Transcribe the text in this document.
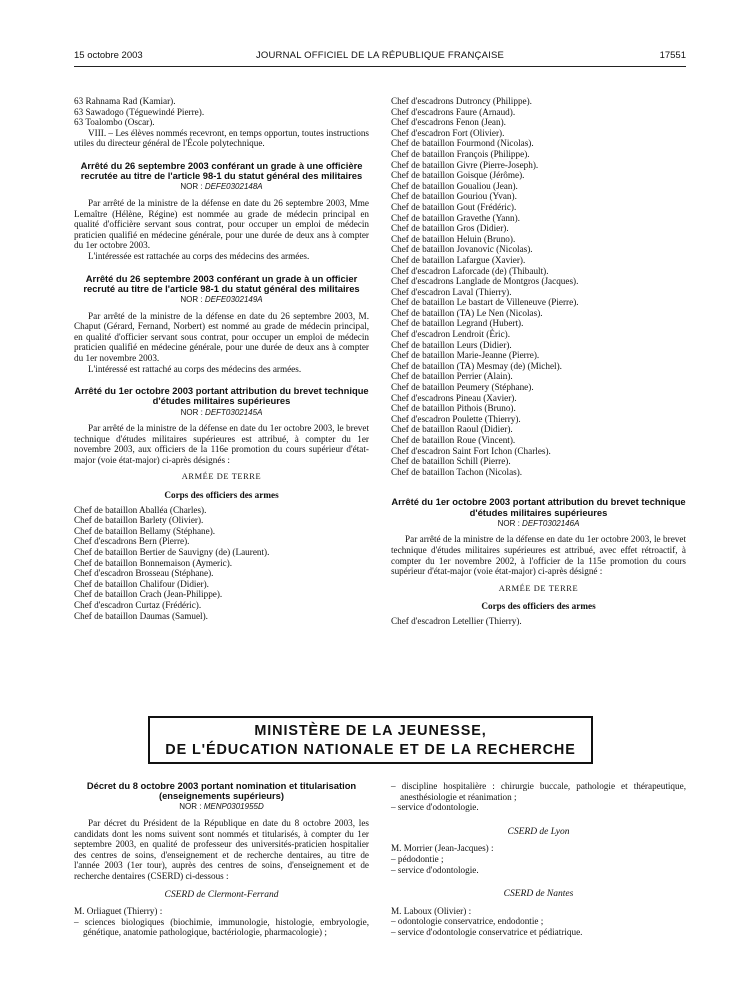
15 octobre 2003	JOURNAL OFFICIEL DE LA RÉPUBLIQUE FRANÇAISE	17551

63 Rahnama Rad (Kamiar).

63 Sawadogo (Téguewindé Pierre).

63 Toalombo (Oscar).

VIII. – Les élèves nommés recevront, en temps opportun, toutes instructions utiles du directeur général de l'École polytechnique.

Arrêté du 26 septembre 2003 conférant un grade à une officière recrutée au titre de l'article 98-1 du statut général des militaires

NOR : DEFE0302148A

Par arrêté de la ministre de la défense en date du 26 septembre 2003, Mme Lemaître (Hélène, Régine) est nommée au grade de médecin principal en qualité d'officière servant sous contrat, pour occuper un emploi de médecin praticien qualifié en médecine générale, pour une durée de deux ans à compter du 1er octobre 2003.

L'intéressée est rattachée au corps des médecins des armées.

Arrêté du 26 septembre 2003 conférant un grade à un officier recruté au titre de l'article 98-1 du statut général des militaires

NOR : DEFE0302149A

Par arrêté de la ministre de la défense en date du 26 septembre 2003, M. Chaput (Gérard, Fernand, Norbert) est nommé au grade de médecin principal, en qualité d'officier servant sous contrat, pour occuper un emploi de médecin praticien qualifié en médecine générale, pour une durée de deux ans à compter du 1er novembre 2003.

L'intéressé est rattaché au corps des médecins des armées.

Arrêté du 1er octobre 2003 portant attribution du brevet technique d'études militaires supérieures

NOR : DEFT0302145A

Par arrêté de la ministre de la défense en date du 1er octobre 2003, le brevet technique d'études militaires supérieures est attribué, à compter du 1er novembre 2003, aux officiers de la 116e promotion du cours supérieur d'état-major (voie état-major) ci-après désignés :

ARMÉE DE TERRE

Corps des officiers des armes

Chef de bataillon Aballéa (Charles).

Chef de bataillon Barlety (Olivier).

Chef de bataillon Bellamy (Stéphane).

Chef d'escadrons Bern (Pierre).

Chef de bataillon Bertier de Sauvigny (de) (Laurent).

Chef de bataillon Bonnemaison (Aymeric).

Chef d'escadron Brosseau (Stéphane).

Chef de bataillon Chalifour (Didier).

Chef de bataillon Crach (Jean-Philippe).

Chef d'escadron Curtaz (Frédéric).

Chef de bataillon Daumas (Samuel).

Chef d'escadrons Dutroncy (Philippe).

Chef d'escadrons Faure (Arnaud).

Chef d'escadrons Fenon (Jean).

Chef d'escadron Fort (Olivier).

Chef de bataillon Fourmond (Nicolas).

Chef de bataillon François (Philippe).

Chef de bataillon Givre (Pierre-Joseph).

Chef de bataillon Goisque (Jérôme).

Chef de bataillon Goualiou (Jean).

Chef de bataillon Gouriou (Yvan).

Chef de bataillon Gout (Frédéric).

Chef de bataillon Gravethe (Yann).

Chef de bataillon Gros (Didier).

Chef de bataillon Heluin (Bruno).

Chef de bataillon Jovanovic (Nicolas).

Chef de bataillon Lafargue (Xavier).

Chef d'escadron Laforcade (de) (Thibault).

Chef d'escadrons Langlade de Montgros (Jacques).

Chef d'escadron Laval (Thierry).

Chef de bataillon Le bastart de Villeneuve (Pierre).

Chef de bataillon (TA) Le Nen (Nicolas).

Chef de bataillon Legrand (Hubert).

Chef d'escadron Lendroit (Éric).

Chef de bataillon Leurs (Didier).

Chef de bataillon Marie-Jeanne (Pierre).

Chef de bataillon (TA) Mesmay (de) (Michel).

Chef de bataillon Perrier (Alain).

Chef de bataillon Peumery (Stéphane).

Chef d'escadrons Pineau (Xavier).

Chef de bataillon Pithois (Bruno).

Chef d'escadron Poulette (Thierry).

Chef de bataillon Raoul (Didier).

Chef de bataillon Roue (Vincent).

Chef d'escadron Saint Fort Ichon (Charles).

Chef de bataillon Schill (Pierre).

Chef de bataillon Tachon (Nicolas).

Arrêté du 1er octobre 2003 portant attribution du brevet technique d'études militaires supérieures

NOR : DEFT0302146A

Par arrêté de la ministre de la défense en date du 1er octobre 2003, le brevet technique d'études militaires supérieures est attribué, avec effet rétroactif, à compter du 1er novembre 2002, à l'officier de la 115e promotion du cours supérieur d'état-major (voie état-major) ci-après désigné :

ARMÉE DE TERRE

Corps des officiers des armes

Chef d'escadron Letellier (Thierry).

MINISTÈRE DE LA JEUNESSE,
DE L'ÉDUCATION NATIONALE ET DE LA RECHERCHE

Décret du 8 octobre 2003 portant nomination et titularisation (enseignements supérieurs)

NOR : MENP0301955D

Par décret du Président de la République en date du 8 octobre 2003, les candidats dont les noms suivent sont nommés et titularisés, à compter du 1er septembre 2003, en qualité de professeur des universités-praticien hospitalier des centres de soins, d'enseignement et de recherche dentaires, au titre de l'année 2003 (1er tour), auprès des centres de soins, d'enseignement et de recherche dentaires (CSERD) ci-dessous :

CSERD de Clermont-Ferrand

M. Orliaguet (Thierry) :

– sciences biologiques (biochimie, immunologie, histologie, embryologie, génétique, anatomie pathologique, bactériologie, pharmacologie) ;

– discipline hospitalière : chirurgie buccale, pathologie et thérapeutique, anesthésiologie et réanimation ;

– service d'odontologie.

CSERD de Lyon

M. Morrier (Jean-Jacques) :

– pédodontie ;

– service d'odontologie.

CSERD de Nantes

M. Laboux (Olivier) :

– odontologie conservatrice, endodontie ;

– service d'odontologie conservatrice et pédiatrique.
